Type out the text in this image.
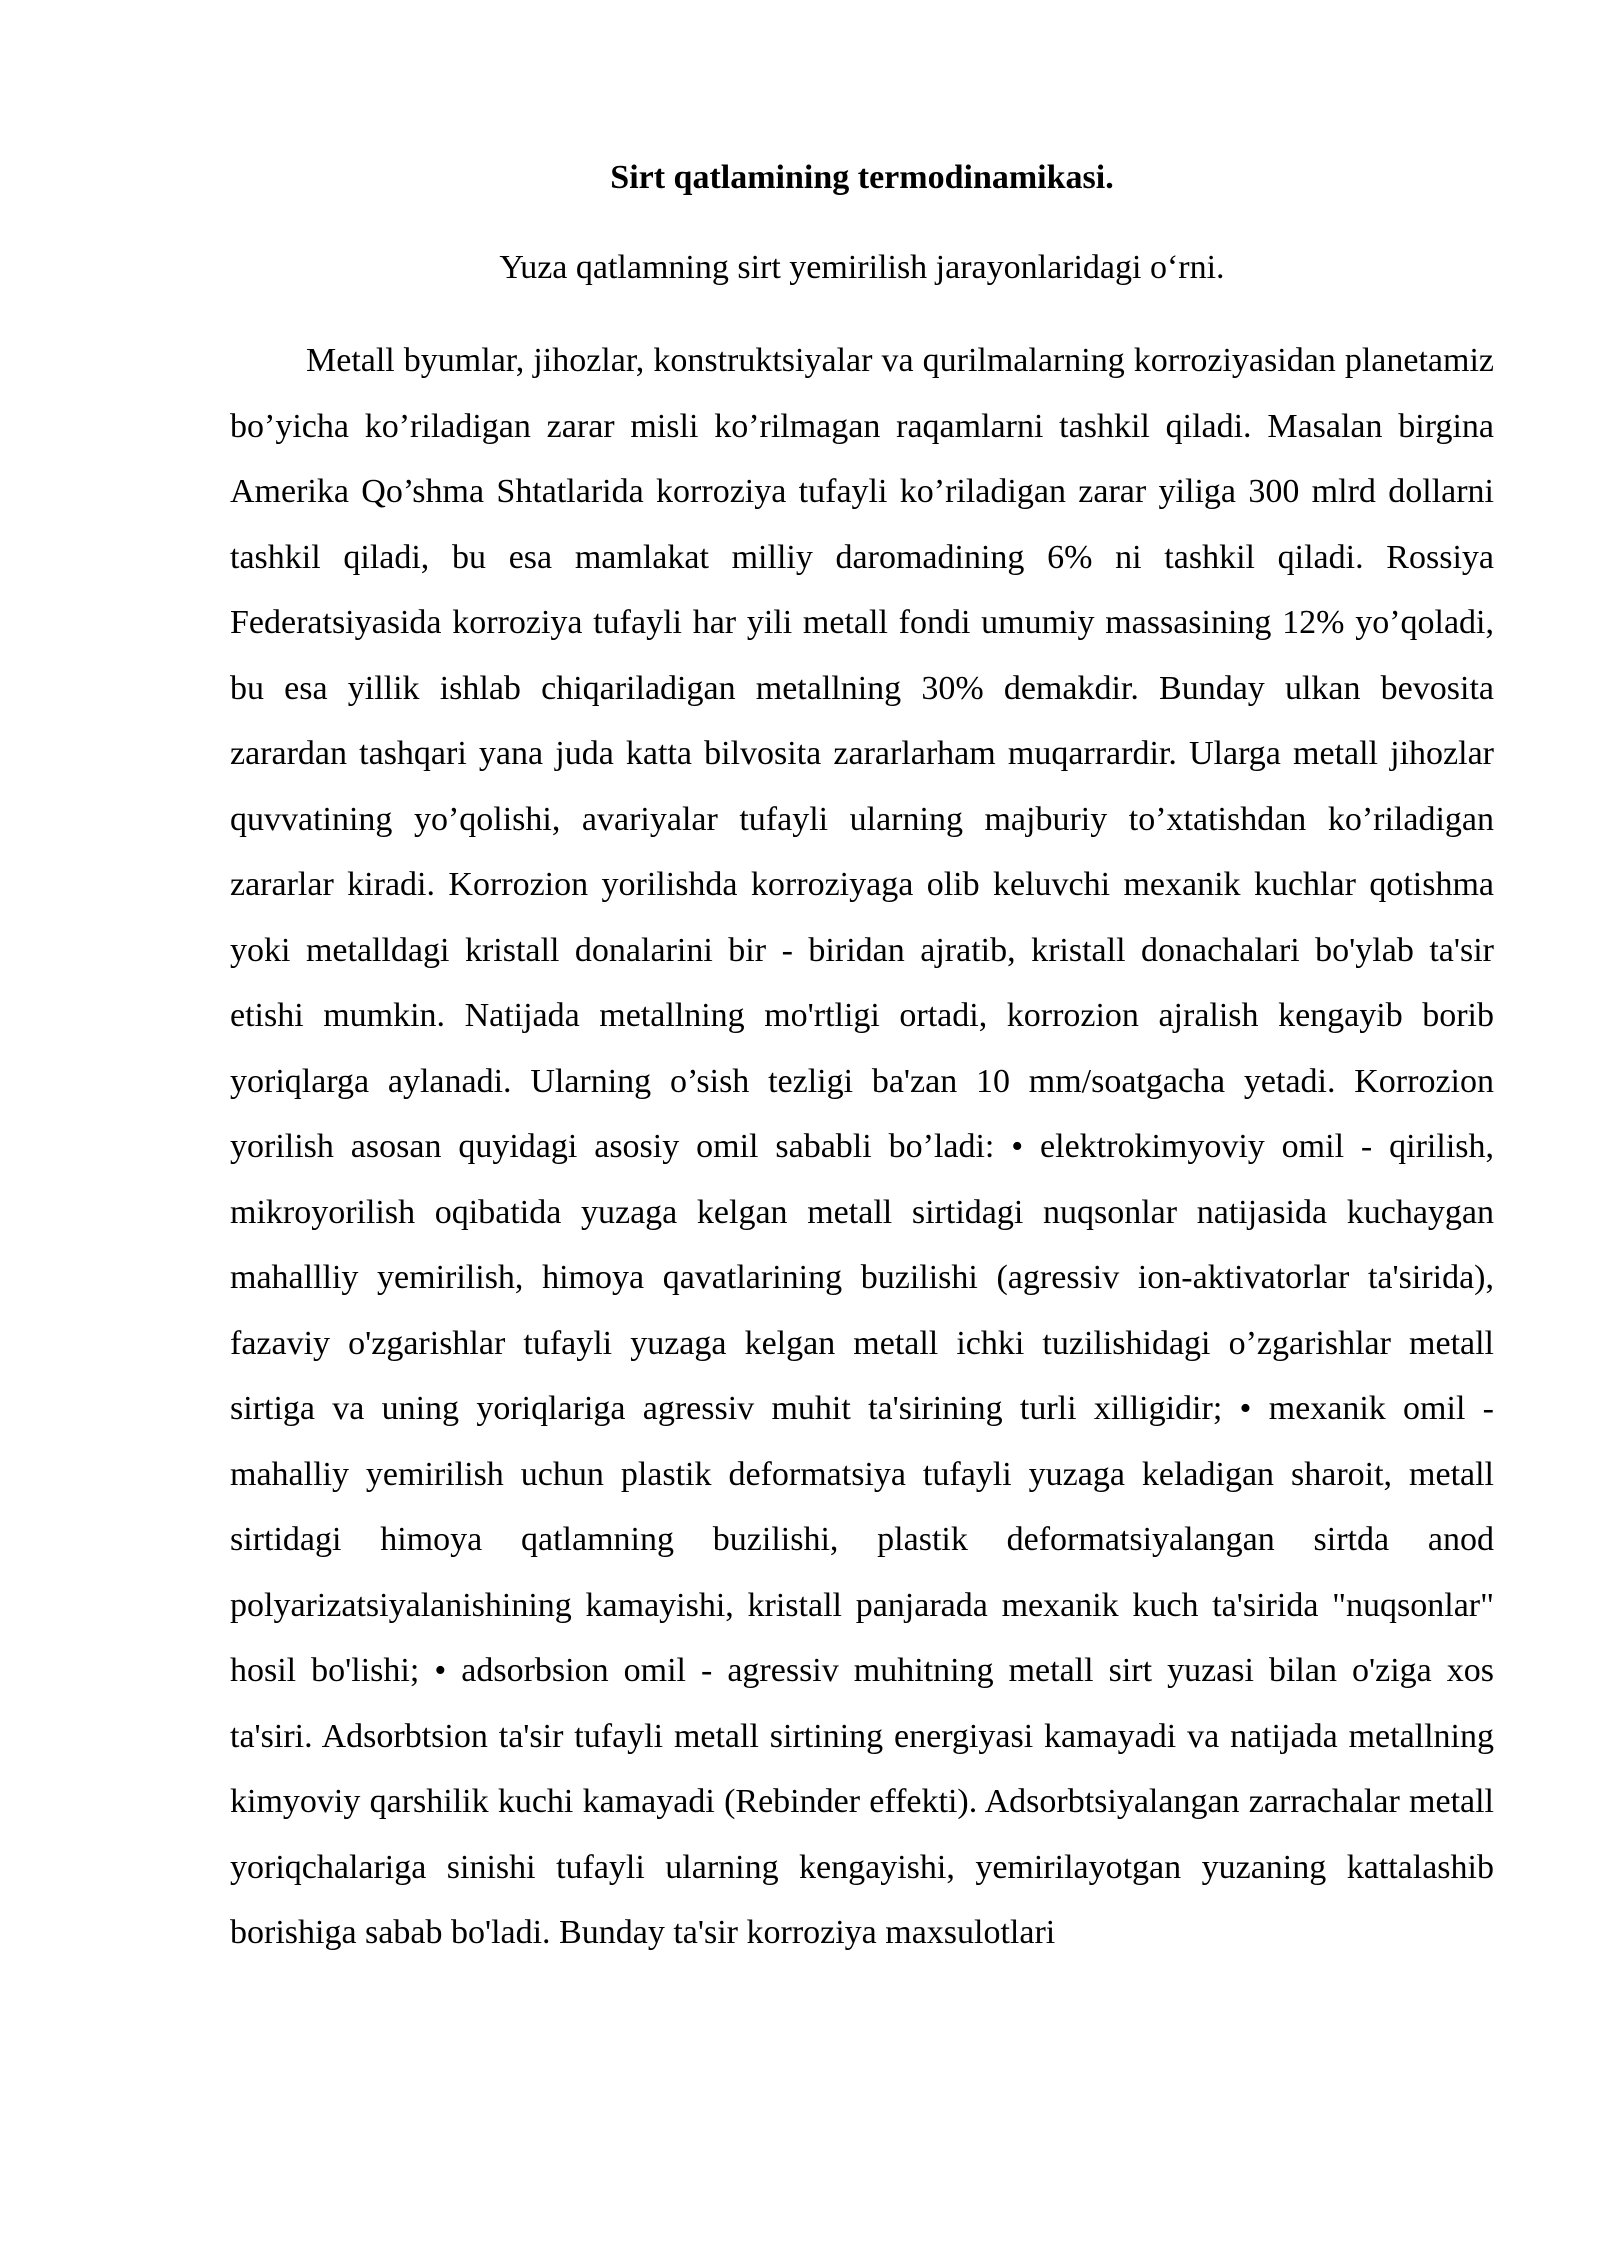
Sirt qatlamining termodinamikasi.

Yuza qatlamning sirt yemirilish jarayonlaridagi o‘rni.

Metall byumlar, jihozlar, konstruktsiyalar va qurilmalarning korroziyasidan planetamiz bo’yicha ko’riladigan zarar misli ko’rilmagan raqamlarni tashkil qiladi. Masalan birgina Amerika Qo’shma Shtatlarida korroziya tufayli ko’riladigan zarar yiliga 300 mlrd dollarni tashkil qiladi, bu esa mamlakat milliy daromadining 6% ni tashkil qiladi. Rossiya Federatsiyasida korroziya tufayli har yili metall fondi umumiy massasining 12% yo’qoladi, bu esa yillik ishlab chiqariladigan metallning 30% demakdir. Bunday ulkan bevosita zarardan tashqari yana juda katta bilvosita zararlarham muqarrardir. Ularga metall jihozlar quvvatining yo’qolishi, avariyalar tufayli ularning majburiy to’xtatishdan ko’riladigan zararlar kiradi. Korrozion yorilishda korroziyaga olib keluvchi mexanik kuchlar qotishma yoki metalldagi kristall donalarini bir - biridan ajratib, kristall donachalari bo'ylab ta'sir etishi mumkin. Natijada metallning mo'rtligi ortadi, korrozion ajralish kengayib borib yoriqlarga aylanadi. Ularning o’sish tezligi ba'zan 10 mm/soatgacha yetadi. Korrozion yorilish asosan quyidagi asosiy omil sababli bo’ladi: • elektrokimyoviy omil - qirilish, mikroyorilish oqibatida yuzaga kelgan metall sirtidagi nuqsonlar natijasida kuchaygan mahallliy yemirilish, himoya qavatlarining buzilishi (agressiv ion-aktivatorlar ta'sirida), fazaviy o'zgarishlar tufayli yuzaga kelgan metall ichki tuzilishidagi o’zgarishlar metall sirtiga va uning yoriqlariga agressiv muhit ta'sirining turli xilligidir; • mexanik omil - mahalliy yemirilish uchun plastik deformatsiya tufayli yuzaga keladigan sharoit, metall sirtidagi himoya qatlamning buzilishi, plastik deformatsiyalangan sirtda anod polyarizatsiyalanishining kamayishi, kristall panjarada mexanik kuch ta'sirida "nuqsonlar" hosil bo'lishi; • adsorbsion omil - agressiv muhitning metall sirt yuzasi bilan o'ziga xos ta'siri. Adsorbtsion ta'sir tufayli metall sirtining energiyasi kamayadi va natijada metallning kimyoviy qarshilik kuchi kamayadi (Rebinder effekti). Adsorbtsiyalangan zarrachalar metall yoriqchalariga sinishi tufayli ularning kengayishi, yemirilayotgan yuzaning kattalashib borishiga sabab bo'ladi. Bunday ta'sir korroziya maxsulotlari
